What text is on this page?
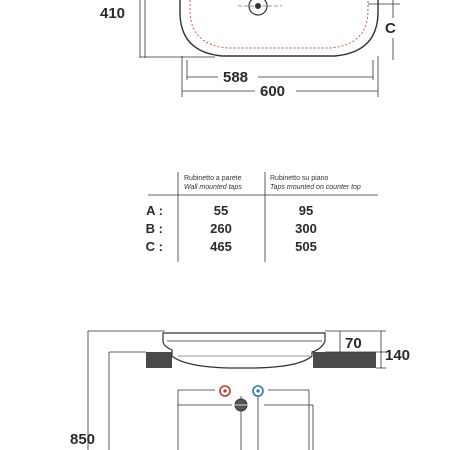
410
C
588
600
Rubinetto a parete
Wall mounted taps
Rubinetto su piano
Taps mounted on counter top
A :	55	95
B :	260	300
C :	465	505
70
140
850
